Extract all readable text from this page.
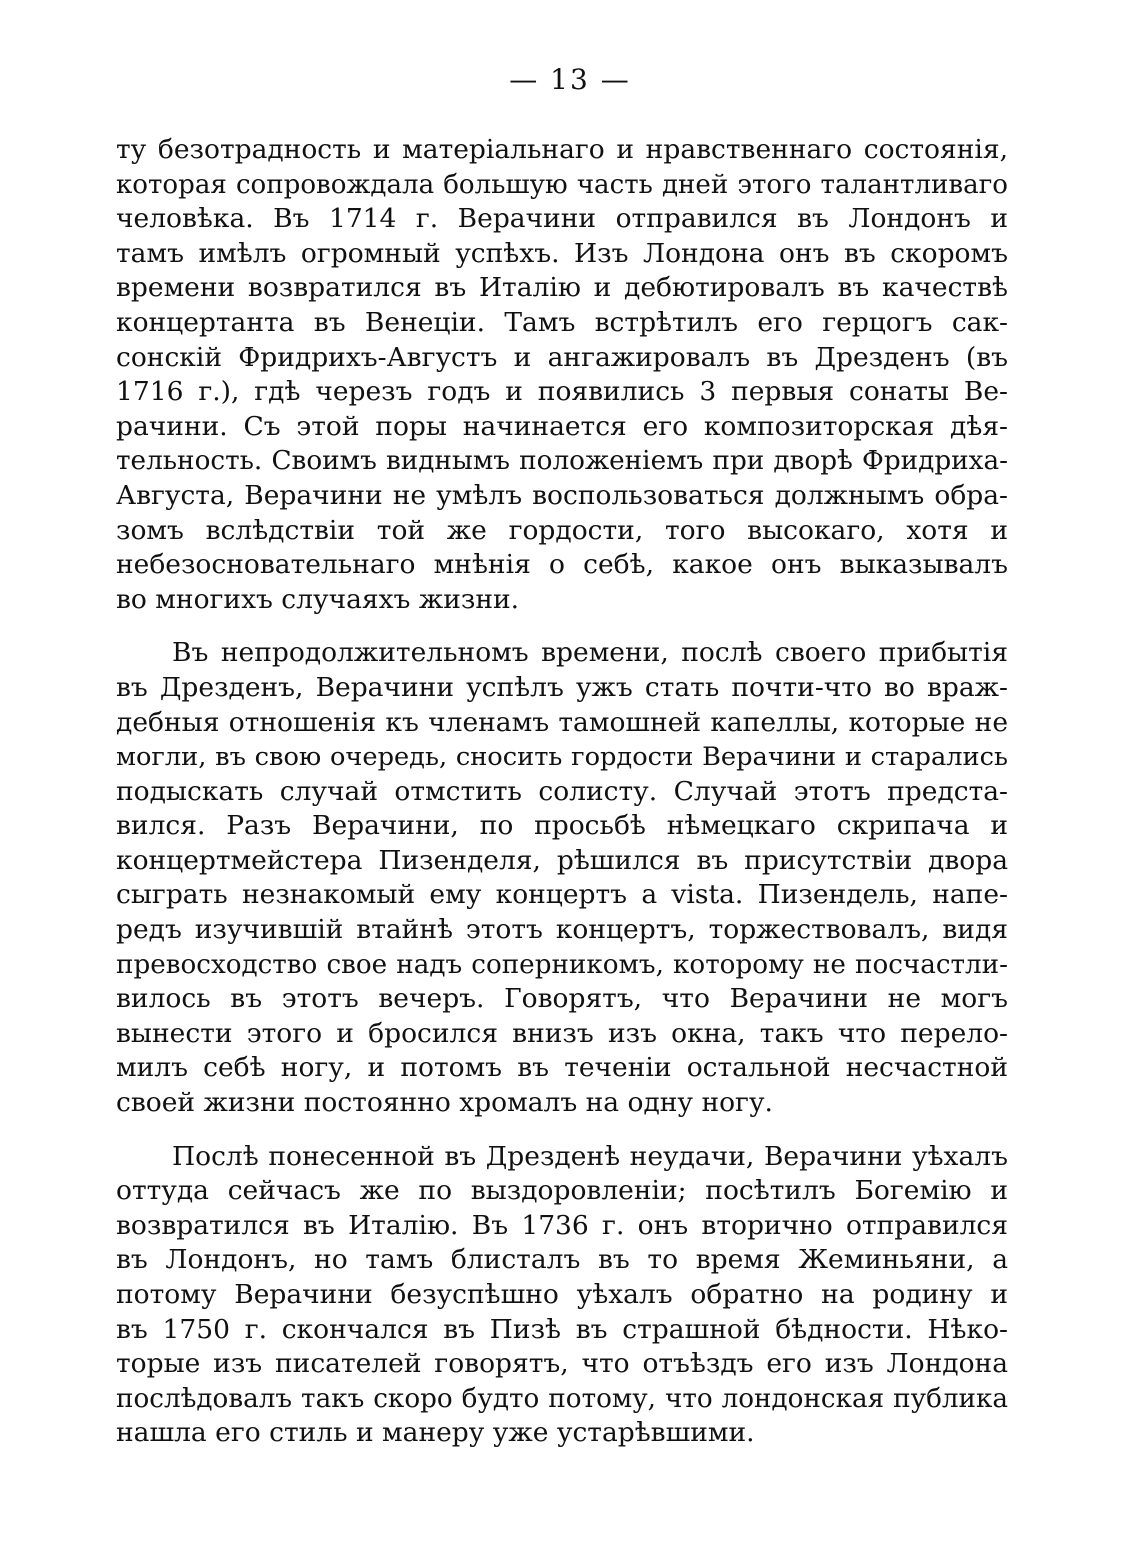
— 13 —
ту безотрадность и матеріальнаго и нравственнаго состоянія,
которая сопровождала большую часть дней этого талантливаго
человѣка. Въ 1714 г. Верачини отправился въ Лондонъ и
тамъ имѣлъ огромный успѣхъ. Изъ Лондона онъ въ скоромъ
времени возвратился въ Италію и дебютировалъ въ качествѣ
концертанта въ Венеціи. Тамъ встрѣтилъ его герцогъ сак-
сонскій Фридрихъ-Августъ и ангажировалъ въ Дрезденъ (въ
1716 г.), гдѣ черезъ годъ и появились 3 первыя сонаты Ве-
рачини. Съ этой поры начинается его композиторская дѣя-
тельность. Своимъ виднымъ положеніемъ при дворѣ Фридриха-
Августа, Верачини не умѣлъ воспользоваться должнымъ обра-
зомъ вслѣдствіи той же гордости, того высокаго, хотя и
небезосновательнаго мнѣнія о себѣ, какое онъ выказывалъ
во многихъ случаяхъ жизни.
Въ непродолжительномъ времени, послѣ своего прибытія
въ Дрезденъ, Верачини успѣлъ ужъ стать почти-что во враж-
дебныя отношенія къ членамъ тамошней капеллы, которые не
могли, въ свою очередь, сносить гордости Верачини и старались
подыскать случай отмстить солисту. Случай этотъ предста-
вился. Разъ Верачини, по просьбѣ нѣмецкаго скрипача и
концертмейстера Пизенделя, рѣшился въ присутствіи двора
сыграть незнакомый ему концертъ a vista. Пизендель, напе-
редъ изучившій втайнѣ этотъ концертъ, торжествовалъ, видя
превосходство свое надъ соперникомъ, которому не посчастли-
вилось въ этотъ вечеръ. Говорятъ, что Верачини не могъ
вынести этого и бросился внизъ изъ окна, такъ что перело-
милъ себѣ ногу, и потомъ въ теченіи остальной несчастной
своей жизни постоянно хромалъ на одну ногу.
Послѣ понесенной въ Дрезденѣ неудачи, Верачини уѣхалъ
оттуда сейчасъ же по выздоровленіи; посѣтилъ Богемію и
возвратился въ Италію. Въ 1736 г. онъ вторично отправился
въ Лондонъ, но тамъ блисталъ въ то время Жеминьяни, а
потому Верачини безуспѣшно уѣхалъ обратно на родину и
въ 1750 г. скончался въ Пизѣ въ страшной бѣдности. Нѣко-
торые изъ писателей говорятъ, что отъѣздъ его изъ Лондона
послѣдовалъ такъ скоро будто потому, что лондонская публика
нашла его стиль и манеру уже устарѣвшими.
